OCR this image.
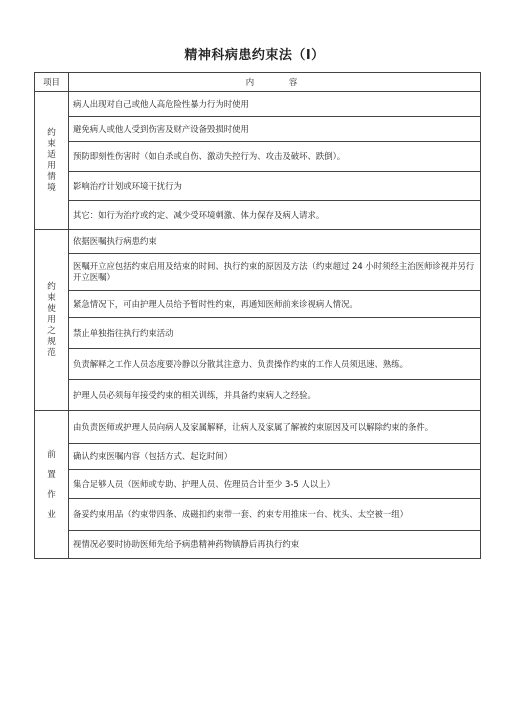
精神科病患约束法（I）
项目	内　　容
约束适用情境	病人出现对自己或他人高危险性暴力行为时使用
	避免病人或他人受到伤害及财产设备毁损时使用
	预防即刻性伤害时（如自杀或自伤、激动失控行为、攻击及破坏、跌倒）。
	影响治疗计划或环境干扰行为
	其它：如行为治疗或约定、减少受环境刺激、体力保存及病人请求。
约束使用之规范	依据医嘱执行病患约束
	医嘱开立应包括约束启用及结束的时间、执行约束的原因及方法（约束超过 24 小时须经主治医师诊视并另行开立医嘱）
	紧急情况下，可由护理人员给予暂时性约束，再通知医师前来诊视病人情况。
	禁止单独指往执行约束活动
	负责解释之工作人员态度要冷静以分散其注意力、负责操作约束的工作人员须迅速、熟练。
	护理人员必须每年接受约束的相关训练，并具备约束病人之经验。
前置作业	由负责医师或护理人员向病人及家属解释，让病人及家属了解被约束原因及可以解除约束的条件。
	确认约束医嘱内容（包括方式、起讫时间）
	集合足够人员（医师或专助、护理人员、佐理员合计至少 3-5 人以上）
	备妥约束用品（约束带四条、成磁扣约束带一套、约束专用推床一台、枕头、太空被一组）
	视情况必要时协助医师先给予病患精神药物镇静后再执行约束
